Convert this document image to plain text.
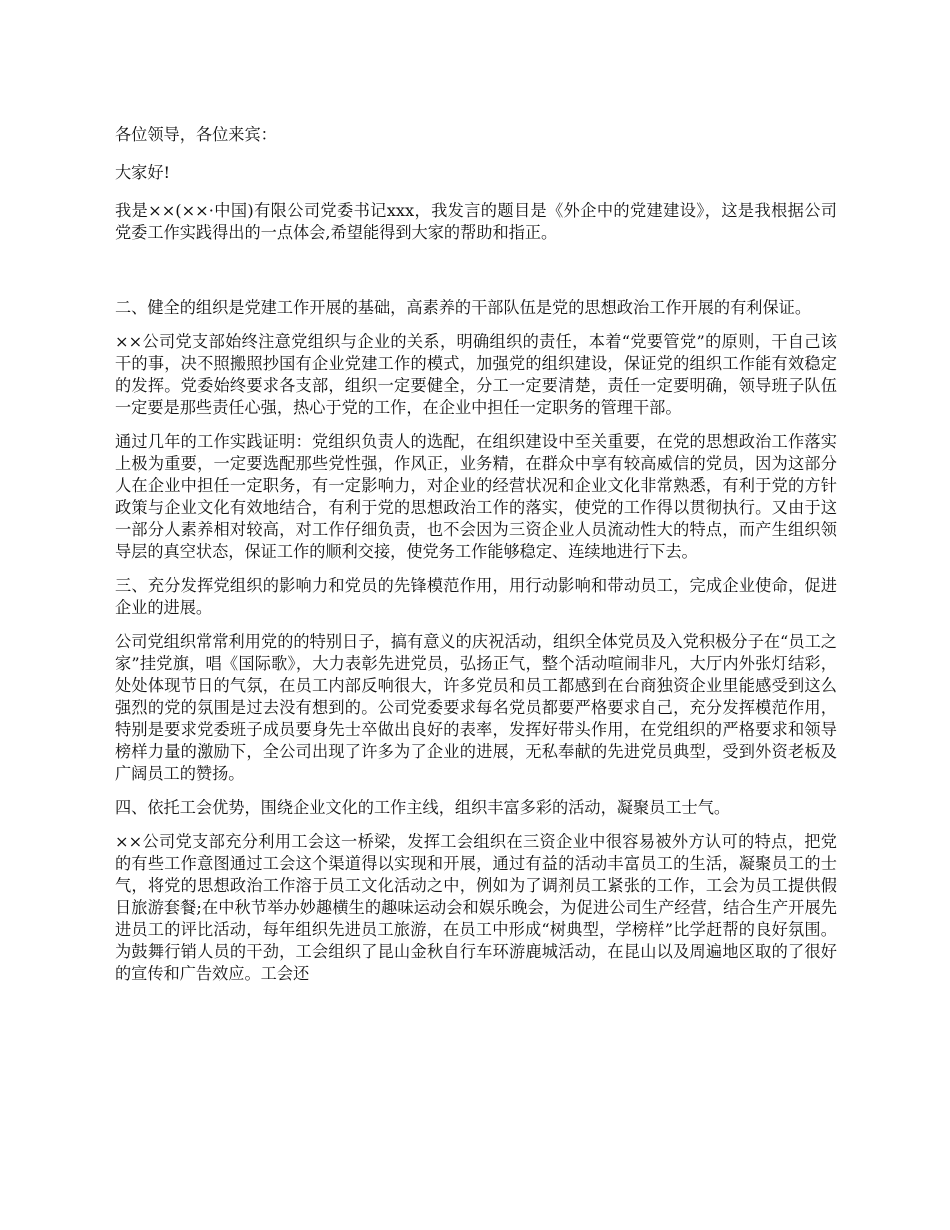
各位领导，各位来宾：

大家好!

我是××(××·中国)有限公司党委书记xxx，我发言的题目是《外企中的党建建设》，这是我根据公司党委工作实践得出的一点体会,希望能得到大家的帮助和指正。

二、健全的组织是党建工作开展的基础，高素养的干部队伍是党的思想政治工作开展的有利保证。

××公司党支部始终注意党组织与企业的关系，明确组织的责任，本着“党要管党”的原则，干自己该干的事，决不照搬照抄国有企业党建工作的模式，加强党的组织建设，保证党的组织工作能有效稳定的发挥。党委始终要求各支部，组织一定要健全，分工一定要清楚，责任一定要明确，领导班子队伍一定要是那些责任心强，热心于党的工作，在企业中担任一定职务的管理干部。

通过几年的工作实践证明：党组织负责人的选配，在组织建设中至关重要，在党的思想政治工作落实上极为重要，一定要选配那些党性强，作风正，业务精，在群众中享有较高威信的党员，因为这部分人在企业中担任一定职务，有一定影响力，对企业的经营状况和企业文化非常熟悉，有利于党的方针政策与企业文化有效地结合，有利于党的思想政治工作的落实，使党的工作得以贯彻执行。又由于这一部分人素养相对较高，对工作仔细负责，也不会因为三资企业人员流动性大的特点，而产生组织领导层的真空状态，保证工作的顺利交接，使党务工作能够稳定、连续地进行下去。

三、充分发挥党组织的影响力和党员的先锋模范作用，用行动影响和带动员工，完成企业使命，促进企业的进展。

公司党组织常常利用党的的特别日子，搞有意义的庆祝活动，组织全体党员及入党积极分子在“员工之家”挂党旗，唱《国际歌》，大力表彰先进党员，弘扬正气，整个活动喧闹非凡，大厅内外张灯结彩，处处体现节日的气氛，在员工内部反响很大，许多党员和员工都感到在台商独资企业里能感受到这么强烈的党的氛围是过去没有想到的。公司党委要求每名党员都要严格要求自己，充分发挥模范作用，特别是要求党委班子成员要身先士卒做出良好的表率，发挥好带头作用，在党组织的严格要求和领导榜样力量的激励下，全公司出现了许多为了企业的进展，无私奉献的先进党员典型，受到外资老板及广阔员工的赞扬。

四、依托工会优势，围绕企业文化的工作主线，组织丰富多彩的活动，凝聚员工士气。

××公司党支部充分利用工会这一桥梁，发挥工会组织在三资企业中很容易被外方认可的特点，把党的有些工作意图通过工会这个渠道得以实现和开展，通过有益的活动丰富员工的生活，凝聚员工的士气，将党的思想政治工作溶于员工文化活动之中，例如为了调剂员工紧张的工作，工会为员工提供假日旅游套餐;在中秋节举办妙趣横生的趣味运动会和娱乐晚会，为促进公司生产经营，结合生产开展先进员工的评比活动，每年组织先进员工旅游，在员工中形成“树典型，学榜样”比学赶帮的良好氛围。为鼓舞行销人员的干劲，工会组织了昆山金秋自行车环游鹿城活动，在昆山以及周遍地区取的了很好的宣传和广告效应。工会还
